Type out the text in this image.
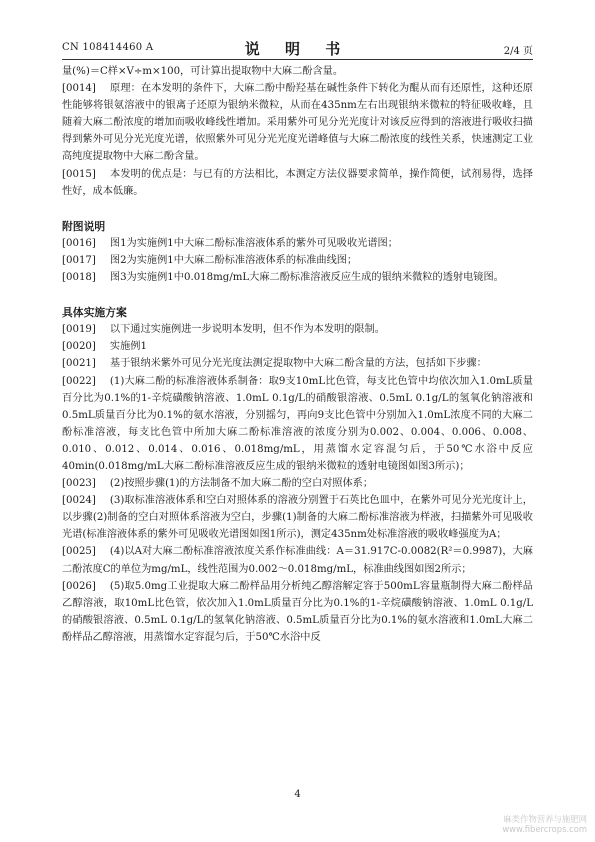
CN 108414460 A	说 明 书	2/4 页

量(%)＝C样×V÷m×100，可计算出提取物中大麻二酚含量。

[0014] 原理：在本发明的条件下，大麻二酚中酚羟基在碱性条件下转化为醌从而有还原性，这种还原性能够将银氨溶液中的银离子还原为银纳米微粒，从而在435nm左右出现银纳米微粒的特征吸收峰，且随着大麻二酚浓度的增加而吸收峰线性增加。采用紫外可见分光光度计对该反应得到的溶液进行吸收扫描得到紫外可见分光光度光谱，依照紫外可见分光光度光谱峰值与大麻二酚浓度的线性关系，快速测定工业高纯度提取物中大麻二酚含量。

[0015] 本发明的优点是：与已有的方法相比，本测定方法仪器要求简单，操作简便，试剂易得，选择性好，成本低廉。

附图说明

[0016] 图1为实施例1中大麻二酚标准溶液体系的紫外可见吸收光谱图；

[0017] 图2为实施例1中大麻二酚标准溶液体系的标准曲线图；

[0018] 图3为实施例1中0.018mg/mL大麻二酚标准溶液反应生成的银纳米微粒的透射电镜图。

具体实施方案

[0019] 以下通过实施例进一步说明本发明，但不作为本发明的限制。

[0020] 实施例1

[0021] 基于银纳米紫外可见分光光度法测定提取物中大麻二酚含量的方法，包括如下步骤：

[0022] (1)大麻二酚的标准溶液体系制备：取9支10mL比色管，每支比色管中均依次加入1.0mL质量百分比为0.1%的1-辛烷磺酸钠溶液、1.0mL 0.1g/L的硝酸银溶液、0.5mL 0.1g/L的氢氧化钠溶液和0.5mL质量百分比为0.1%的氨水溶液，分别摇匀，再向9支比色管中分别加入1.0mL浓度不同的大麻二酚标准溶液，每支比色管中所加大麻二酚标准溶液的浓度分别为0.002、0.004、0.006、0.008、0.010、0.012、0.014、0.016、0.018mg/mL，用蒸馏水定容混匀后，于50℃水浴中反应40min(0.018mg/mL大麻二酚标准溶液反应生成的银纳米微粒的透射电镜图如图3所示)；

[0023] (2)按照步骤(1)的方法制备不加大麻二酚的空白对照体系；

[0024] (3)取标准溶液体系和空白对照体系的溶液分别置于石英比色皿中，在紫外可见分光光度计上，以步骤(2)制备的空白对照体系溶液为空白，步骤(1)制备的大麻二酚标准溶液为样液，扫描紫外可见吸收光谱(标准溶液体系的紫外可见吸收光谱图如图1所示)，测定435nm处标准溶液的吸收峰强度为A；

[0025] (4)以A对大麻二酚标准溶液浓度关系作标准曲线：A＝31.917C-0.0082(R²＝0.9987)，大麻二酚浓度C的单位为mg/mL，线性范围为0.002～0.018mg/mL，标准曲线图如图2所示；

[0026] (5)取5.0mg工业提取大麻二酚样品用分析纯乙醇溶解定容于500mL容量瓶制得大麻二酚样品乙醇溶液，取10mL比色管，依次加入1.0mL质量百分比为0.1%的1-辛烷磺酸钠溶液、1.0mL 0.1g/L的硝酸银溶液、0.5mL 0.1g/L的氢氧化钠溶液、0.5mL质量百分比为0.1%的氨水溶液和1.0mL大麻二酚样品乙醇溶液，用蒸馏水定容混匀后，于50℃水浴中反

4
麻类作物营养与施肥网
www.fibercrops.com
